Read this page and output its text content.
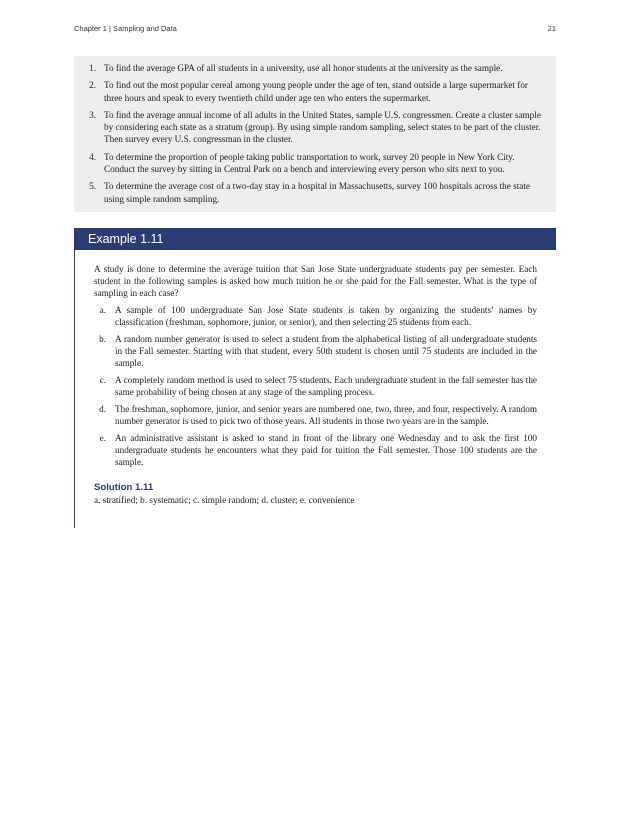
Chapter 1 | Sampling and Data	21
1. To find the average GPA of all students in a university, use all honor students at the university as the sample.
2. To find out the most popular cereal among young people under the age of ten, stand outside a large supermarket for three hours and speak to every twentieth child under age ten who enters the supermarket.
3. To find the average annual income of all adults in the United States, sample U.S. congressmen. Create a cluster sample by considering each state as a stratum (group). By using simple random sampling, select states to be part of the cluster. Then survey every U.S. congressman in the cluster.
4. To determine the proportion of people taking public transportation to work, survey 20 people in New York City. Conduct the survey by sitting in Central Park on a bench and interviewing every person who sits next to you.
5. To determine the average cost of a two-day stay in a hospital in Massachusetts, survey 100 hospitals across the state using simple random sampling.
Example 1.11

A study is done to determine the average tuition that San Jose State undergraduate students pay per semester. Each student in the following samples is asked how much tuition he or she paid for the Fall semester. What is the type of sampling in each case?

a. A sample of 100 undergraduate San Jose State students is taken by organizing the students’ names by classification (freshman, sophomore, junior, or senior), and then selecting 25 students from each.
b. A random number generator is used to select a student from the alphabetical listing of all undergraduate students in the Fall semester. Starting with that student, every 50th student is chosen until 75 students are included in the sample.
c. A completely random method is used to select 75 students. Each undergraduate student in the fall semester has the same probability of being chosen at any stage of the sampling process.
d. The freshman, sophomore, junior, and senior years are numbered one, two, three, and four, respectively. A random number generator is used to pick two of those years. All students in those two years are in the sample.
e. An administrative assistant is asked to stand in front of the library one Wednesday and to ask the first 100 undergraduate students he encounters what they paid for tuition the Fall semester. Those 100 students are the sample.

Solution 1.11

a. stratified; b. systematic; c. simple random; d. cluster; e. convenience
